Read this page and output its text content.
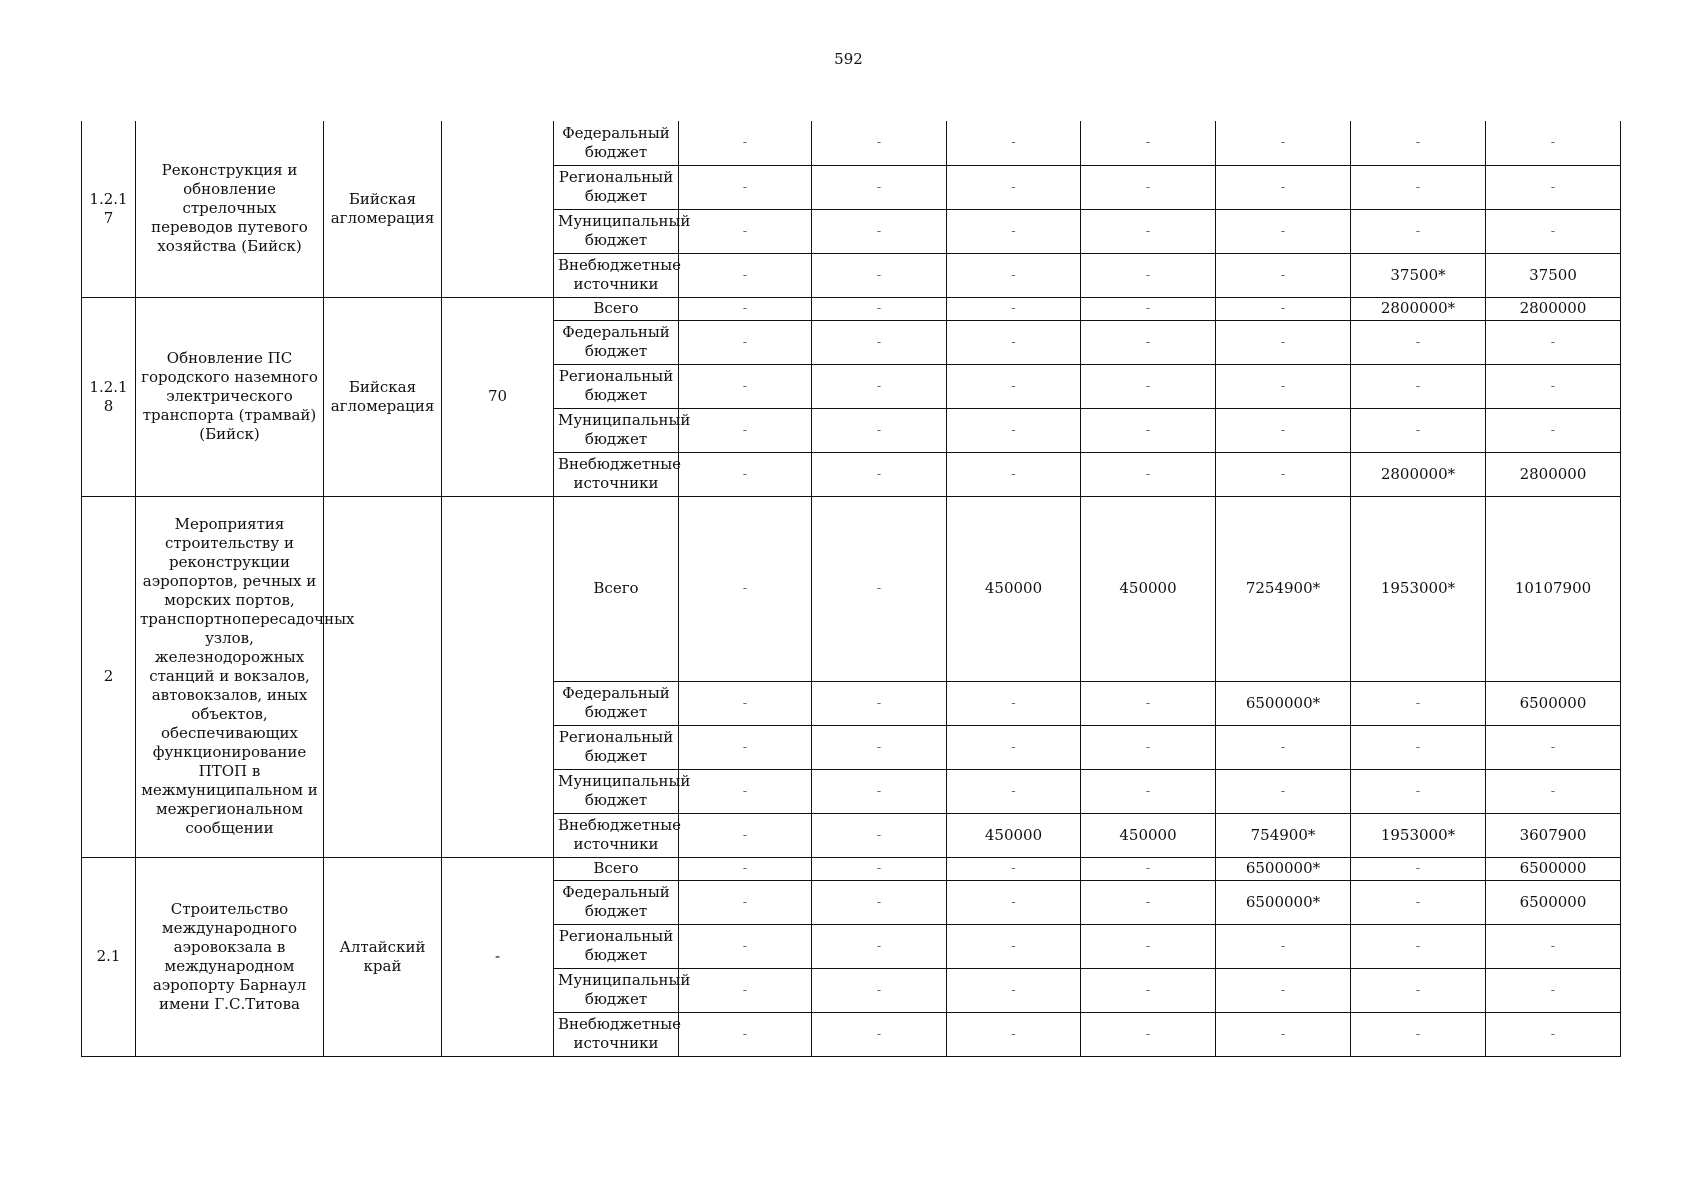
592
1.2.1
7	Реконструкция и обновление стрелочных переводов путевого хозяйства (Бийск)	Бийская агломерация		Федеральный бюджет	-	-	-	-	-	-	-
				Региональный бюджет	-	-	-	-	-	-	-
				Муниципальный бюджет	-	-	-	-	-	-	-
				Внебюджетные источники	-	-	-	-	-	37500*	37500
1.2.1
8	Обновление ПС городского наземного электрического транспорта (трамвай) (Бийск)	Бийская агломерация	70	Всего	-	-	-	-	-	2800000*	2800000
				Федеральный бюджет	-	-	-	-	-	-	-
				Региональный бюджет	-	-	-	-	-	-	-
				Муниципальный бюджет	-	-	-	-	-	-	-
				Внебюджетные источники	-	-	-	-	-	2800000*	2800000
2	Мероприятия строительству и реконструкции аэропортов, речных и морских портов, транспортнопересадочных узлов, железнодорожных станций и вокзалов, автовокзалов, иных объектов, обеспечивающих функционирование ПТОП в межмуниципальном и межрегиональном сообщении			Всего	-	-	450000	450000	7254900*	1953000*	10107900
				Федеральный бюджет	-	-	-	-	6500000*	-	6500000
				Региональный бюджет	-	-	-	-	-	-	-
				Муниципальный бюджет	-	-	-	-	-	-	-
				Внебюджетные источники	-	-	450000	450000	754900*	1953000*	3607900
2.1	Строительство международного аэровокзала в международном аэропорту Барнаул имени Г.С.Титова	Алтайский край	-	Всего	-	-	-	-	6500000*	-	6500000
				Федеральный бюджет	-	-	-	-	6500000*	-	6500000
				Региональный бюджет	-	-	-	-	-	-	-
				Муниципальный бюджет	-	-	-	-	-	-	-
				Внебюджетные источники	-	-	-	-	-	-	-
